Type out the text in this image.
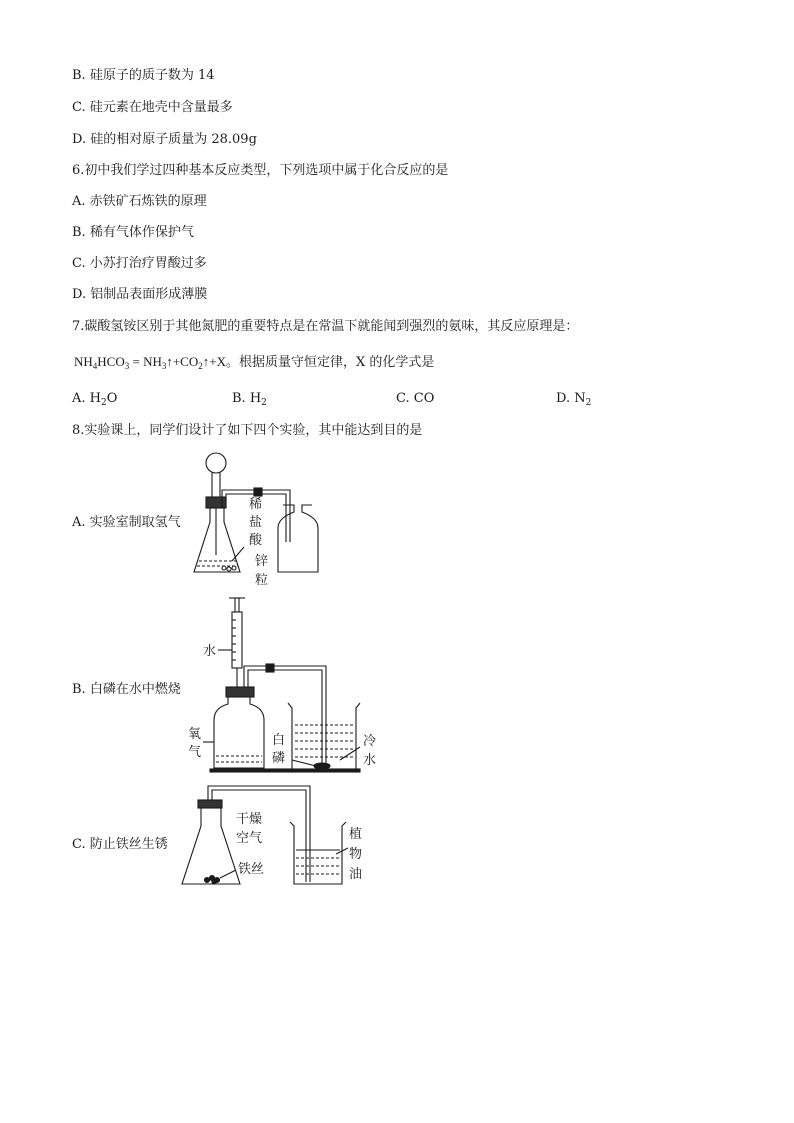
B. 硅原子的质子数为 14
C. 硅元素在地壳中含量最多
D. 硅的相对原子质量为 28.09g
6.初中我们学过四种基本反应类型，下列选项中属于化合反应的是
A. 赤铁矿石炼铁的原理
B. 稀有气体作保护气
C. 小苏打治疗胃酸过多
D. 铝制品表面形成薄膜
7.碳酸氢铵区别于其他氮肥的重要特点是在常温下就能闻到强烈的氨味，其反应原理是：
$NH_4HCO_3$ = $NH_3↑+CO_2↑+X$。根据质量守恒定律，X 的化学式是
A. $H_2O$	B. $H_2$	C. CO	D. $N_2$
8.实验课上，同学们设计了如下四个实验，其中能达到目的是
A. 实验室制取氢气
B. 白磷在水中燃烧
C. 防止铁丝生锈
稀
盐
酸
锌
粒
水
氧
气
白
磷
冷
水
干燥
空气
铁丝
植
物
油
